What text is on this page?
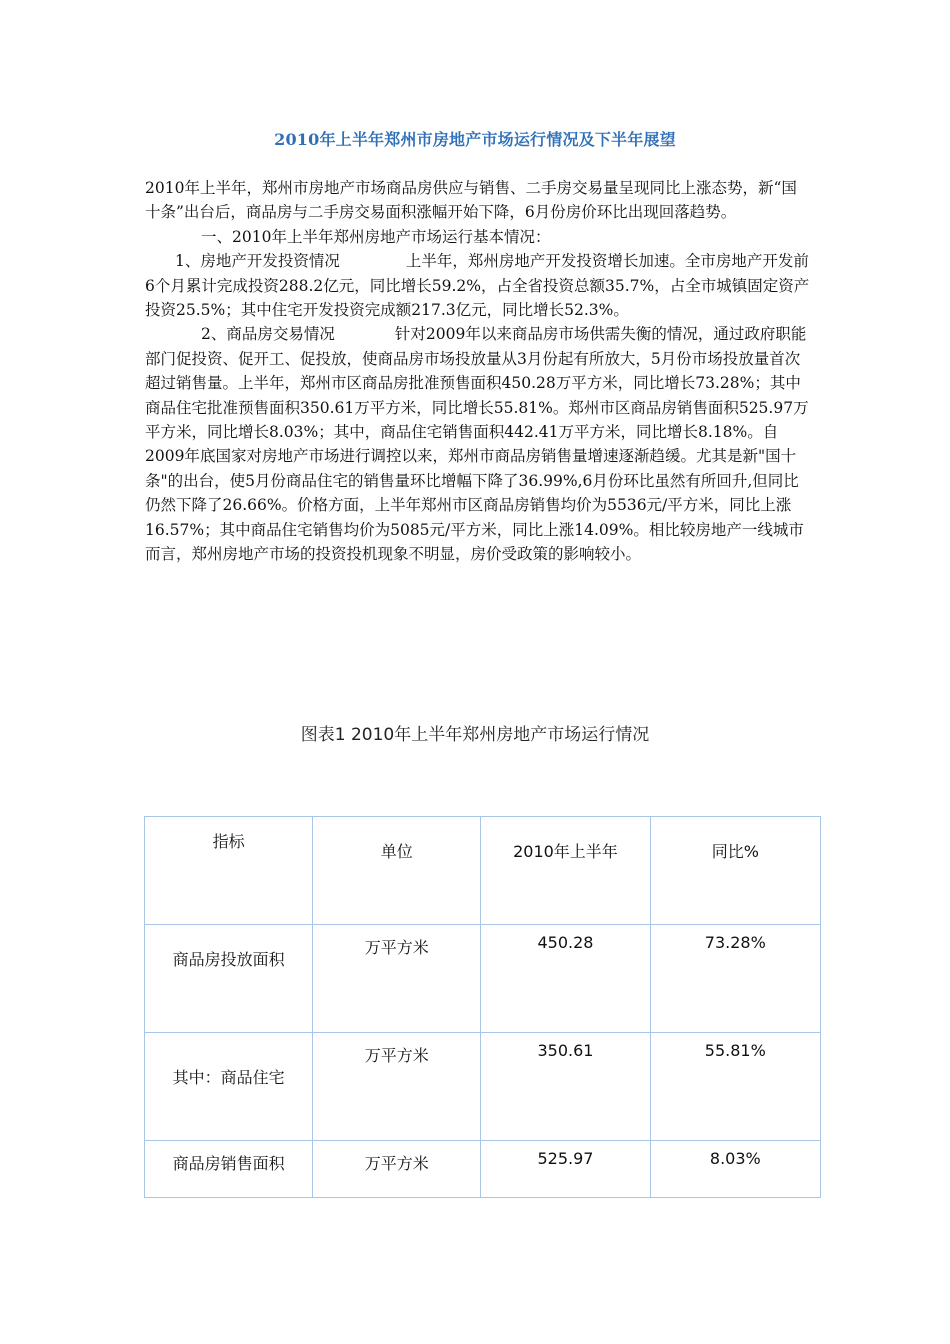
2010年上半年郑州市房地产市场运行情况及下半年展望

2010年上半年，郑州市房地产市场商品房供应与销售、二手房交易量呈现同比上涨态势，新“国十条”出台后，商品房与二手房交易面积涨幅开始下降，6月份房价环比出现回落趋势。

一、2010年上半年郑州房地产市场运行基本情况：

1、房地产开发投资情况	上半年，郑州房地产开发投资增长加速。全市房地产开发前6个月累计完成投资288.2亿元，同比增长59.2%，占全省投资总额35.7%，占全市城镇固定资产投资25.5%；其中住宅开发投资完成额217.3亿元，同比增长52.3%。

2、商品房交易情况	针对2009年以来商品房市场供需失衡的情况，通过政府职能部门促投资、促开工、促投放，使商品房市场投放量从3月份起有所放大，5月份市场投放量首次超过销售量。上半年，郑州市区商品房批准预售面积450.28万平方米，同比增长73.28%；其中商品住宅批准预售面积350.61万平方米，同比增长55.81%。郑州市区商品房销售面积525.97万平方米，同比增长8.03%；其中，商品住宅销售面积442.41万平方米，同比增长8.18%。自2009年底国家对房地产市场进行调控以来，郑州市商品房销售量增速逐渐趋缓。尤其是新"国十条"的出台，使5月份商品住宅的销售量环比增幅下降了36.99%,6月份环比虽然有所回升,但同比仍然下降了26.66%。价格方面，上半年郑州市区商品房销售均价为5536元/平方米，同比上涨16.57%；其中商品住宅销售均价为5085元/平方米，同比上涨14.09%。相比较房地产一线城市而言，郑州房地产市场的投资投机现象不明显，房价受政策的影响较小。

图表1 2010年上半年郑州房地产市场运行情况
指标	单位	2010年上半年	同比%
商品房投放面积	万平方米	450.28	73.28%
其中：商品住宅	万平方米	350.61	55.81%
商品房销售面积	万平方米	525.97	8.03%
